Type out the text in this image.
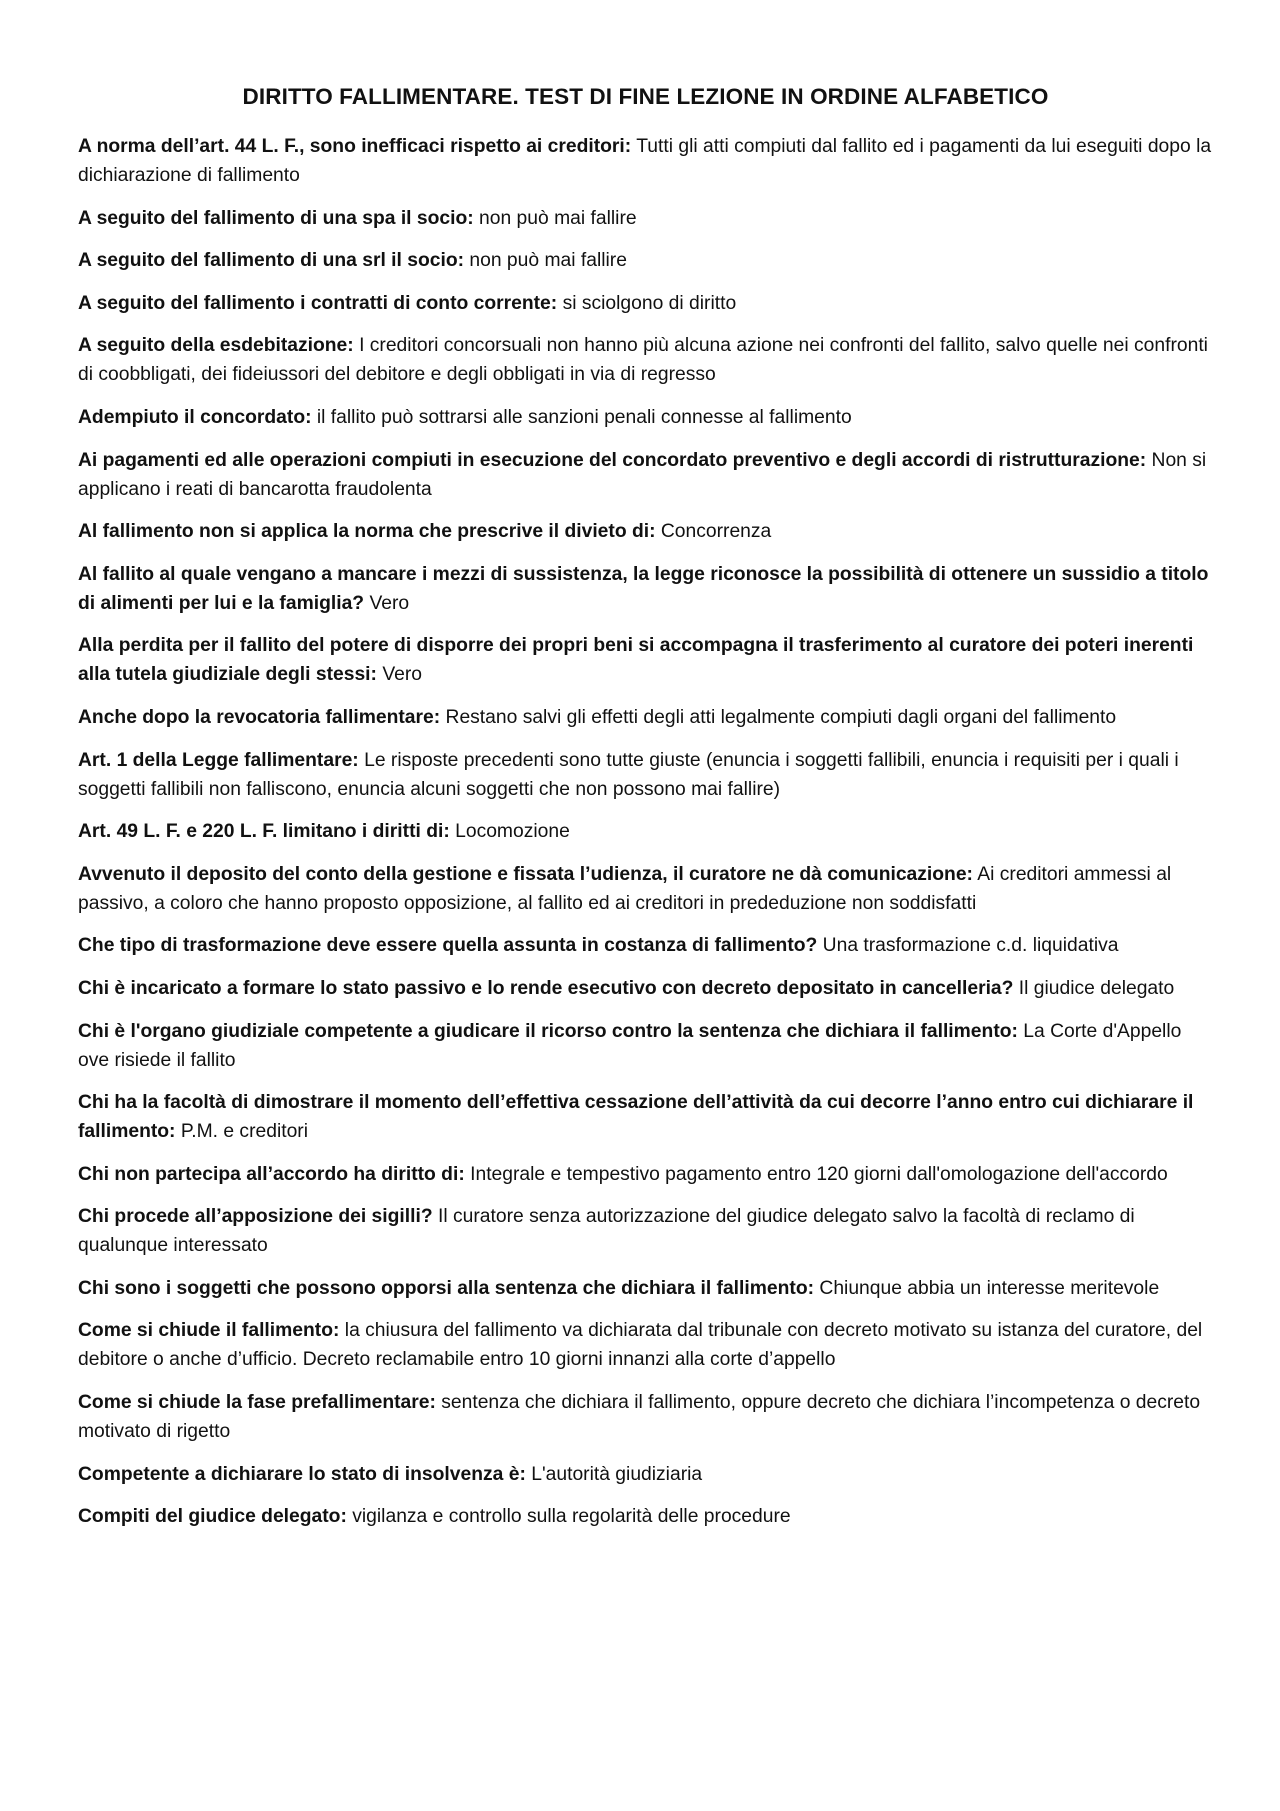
DIRITTO FALLIMENTARE. TEST DI FINE LEZIONE IN ORDINE ALFABETICO
A norma dell’art. 44 L. F., sono inefficaci rispetto ai creditori: Tutti gli atti compiuti dal fallito ed i pagamenti da lui eseguiti dopo la dichiarazione di fallimento
A seguito del fallimento di una spa il socio: non può mai fallire
A seguito del fallimento di una srl il socio: non può mai fallire
A seguito del fallimento i contratti di conto corrente: si sciolgono di diritto
A seguito della esdebitazione: I creditori concorsuali non hanno più alcuna azione nei confronti del fallito, salvo quelle nei confronti di coobbligati, dei fideiussori del debitore e degli obbligati in via di regresso
Adempiuto il concordato: il fallito può sottrarsi alle sanzioni penali connesse al fallimento
Ai pagamenti ed alle operazioni compiuti in esecuzione del concordato preventivo e degli accordi di ristrutturazione: Non si applicano i reati di bancarotta fraudolenta
Al fallimento non si applica la norma che prescrive il divieto di: Concorrenza
Al fallito al quale vengano a mancare i mezzi di sussistenza, la legge riconosce la possibilità di ottenere un sussidio a titolo di alimenti per lui e la famiglia? Vero
Alla perdita per il fallito del potere di disporre dei propri beni si accompagna il trasferimento al curatore dei poteri inerenti alla tutela giudiziale degli stessi: Vero
Anche dopo la revocatoria fallimentare: Restano salvi gli effetti degli atti legalmente compiuti dagli organi del fallimento
Art. 1 della Legge fallimentare: Le risposte precedenti sono tutte giuste (enuncia i soggetti fallibili, enuncia i requisiti per i quali i soggetti fallibili non falliscono, enuncia alcuni soggetti che non possono mai fallire)
Art. 49 L. F. e 220 L. F. limitano i diritti di: Locomozione
Avvenuto il deposito del conto della gestione e fissata l’udienza, il curatore ne dà comunicazione: Ai creditori ammessi al passivo, a coloro che hanno proposto opposizione, al fallito ed ai creditori in prededuzione non soddisfatti
Che tipo di trasformazione deve essere quella assunta in costanza di fallimento? Una trasformazione c.d. liquidativa
Chi è incaricato a formare lo stato passivo e lo rende esecutivo con decreto depositato in cancelleria? Il giudice delegato
Chi è l'organo giudiziale competente a giudicare il ricorso contro la sentenza che dichiara il fallimento: La Corte d'Appello ove risiede il fallito
Chi ha la facoltà di dimostrare il momento dell’effettiva cessazione dell’attività da cui decorre l’anno entro cui dichiarare il fallimento: P.M. e creditori
Chi non partecipa all’accordo ha diritto di: Integrale e tempestivo pagamento entro 120 giorni dall'omologazione dell'accordo
Chi procede all’apposizione dei sigilli? Il curatore senza autorizzazione del giudice delegato salvo la facoltà di reclamo di qualunque interessato
Chi sono i soggetti che possono opporsi alla sentenza che dichiara il fallimento: Chiunque abbia un interesse meritevole
Come si chiude il fallimento: la chiusura del fallimento va dichiarata dal tribunale con decreto motivato su istanza del curatore, del debitore o anche d’ufficio. Decreto reclamabile entro 10 giorni innanzi alla corte d’appello
Come si chiude la fase prefallimentare: sentenza che dichiara il fallimento, oppure decreto che dichiara l’incompetenza o decreto motivato di rigetto
Competente a dichiarare lo stato di insolvenza è: L'autorità giudiziaria
Compiti del giudice delegato: vigilanza e controllo sulla regolarità delle procedure
